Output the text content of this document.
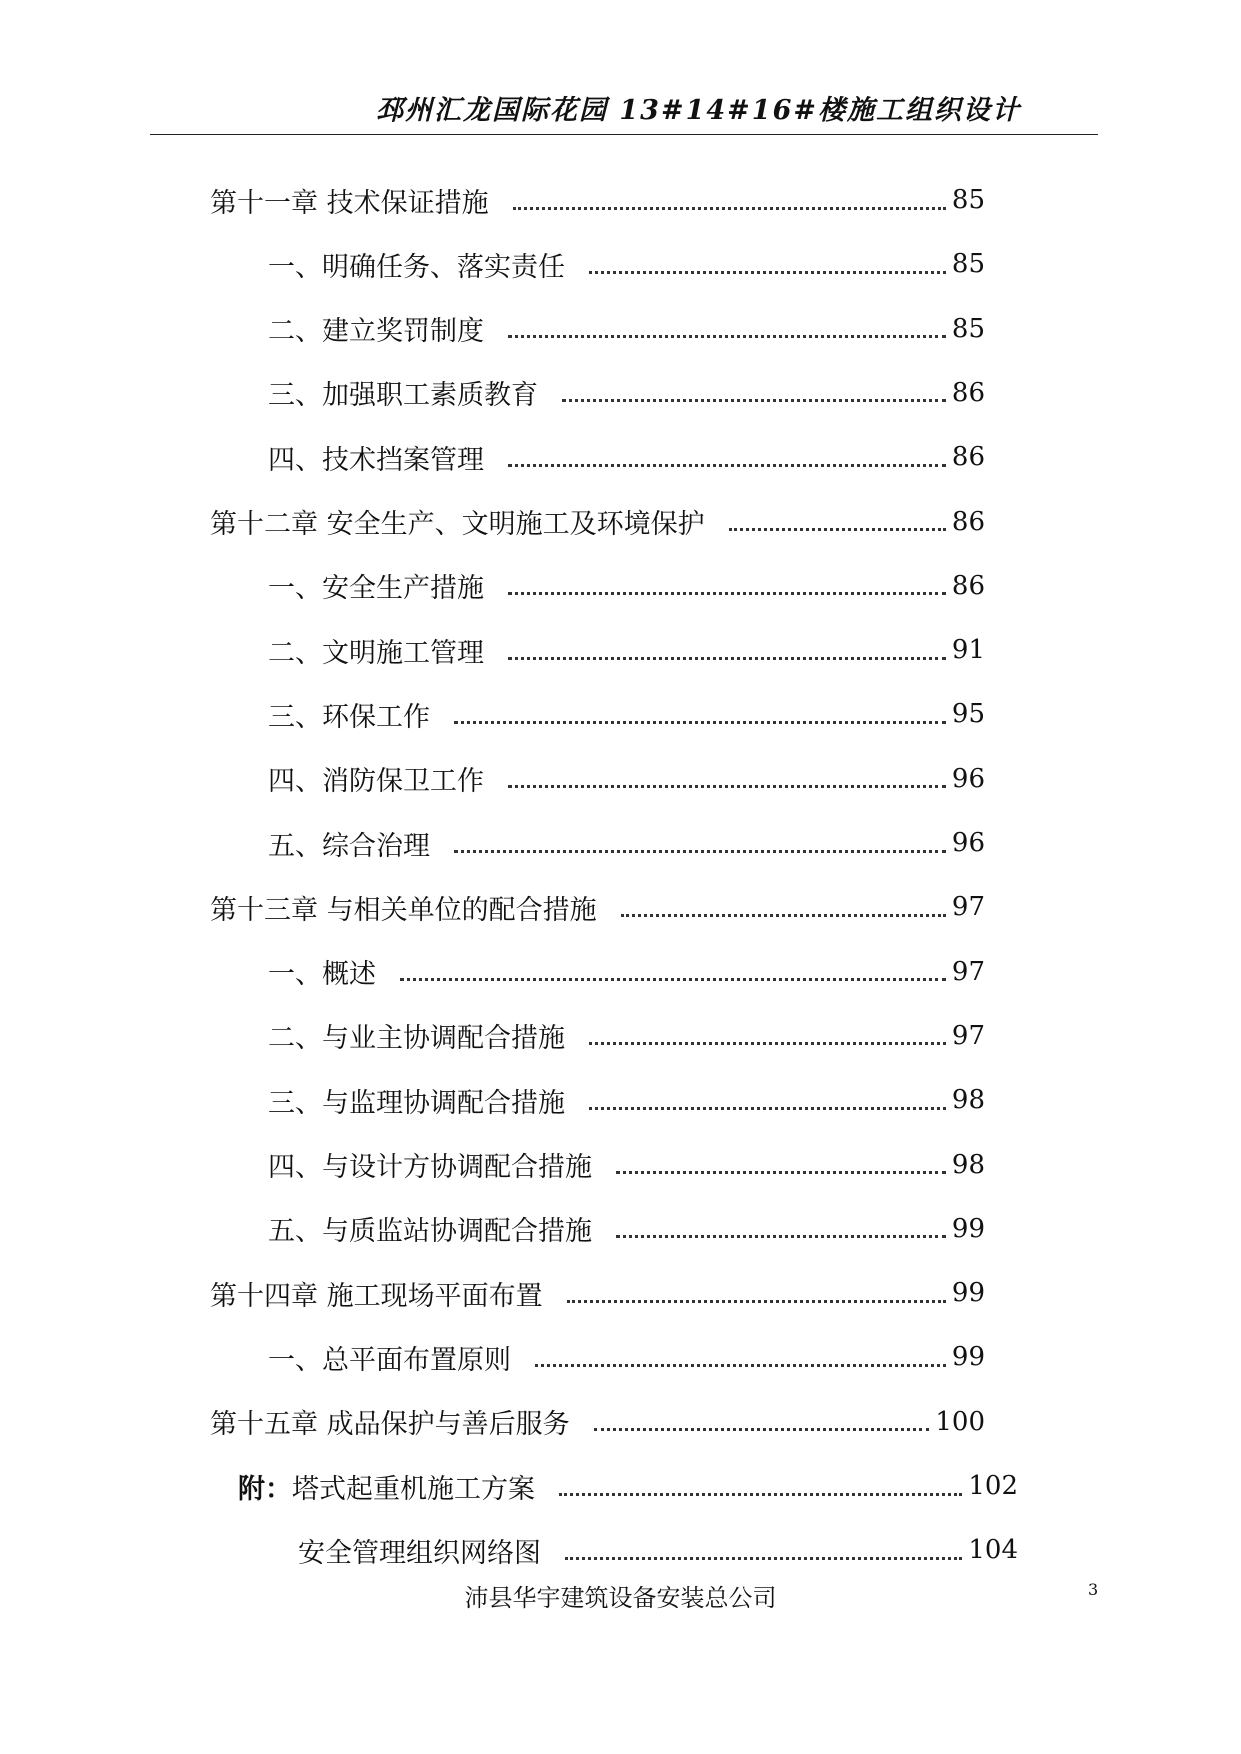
邳州汇龙国际花园 13#14#16#楼施工组织设计
第十一章 技术保证措施	85
一、明确任务、落实责任	85
二、建立奖罚制度	85
三、加强职工素质教育	86
四、技术挡案管理	86
第十二章 安全生产、文明施工及环境保护	86
一、安全生产措施	86
二、文明施工管理	91
三、环保工作	95
四、消防保卫工作	96
五、综合治理	96
第十三章 与相关单位的配合措施	97
一、概述	97
二、与业主协调配合措施	97
三、与监理协调配合措施	98
四、与设计方协调配合措施	98
五、与质监站协调配合措施	99
第十四章 施工现场平面布置	99
一、总平面布置原则	99
第十五章 成品保护与善后服务	100
附：塔式起重机施工方案	102
安全管理组织网络图	104
沛县华宇建筑设备安装总公司	3
